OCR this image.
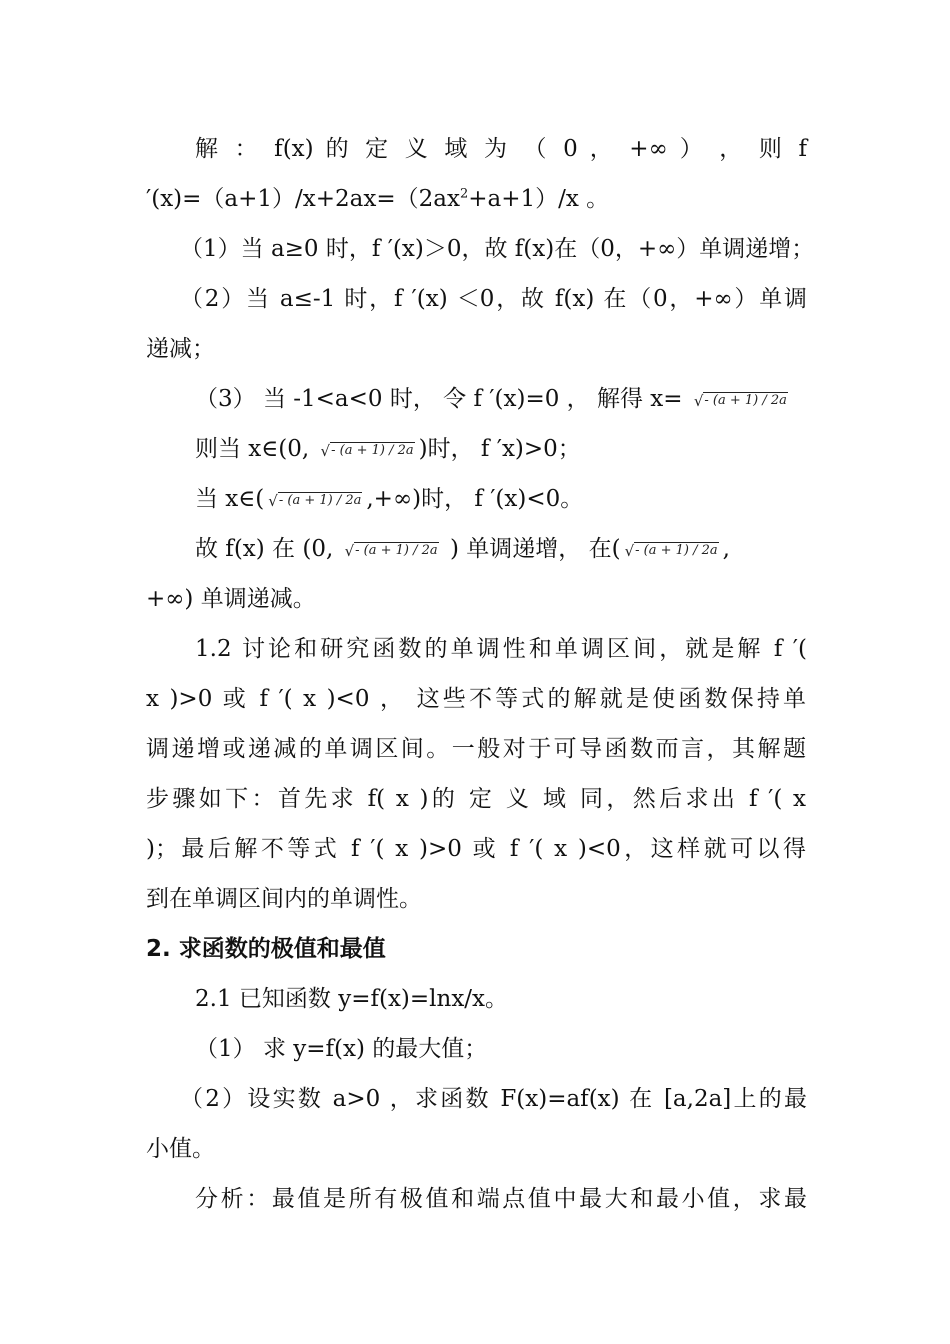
解 ： f(x) 的 定 义 域 为 （ 0 ， +∞ ） ， 则 f
$'(x)=(a+1)/x+2ax=(2ax^2+a+1)/x$ 。
（1）当 a≥0 时，f ′(x)＞0，故 f(x)在（0，+∞）单调递增；
（2）当 a≤-1 时，f ′(x) ＜0，故 f(x) 在（0，+∞）单调
递减；
（3） 当 -1<a<0 时， 令 f ′(x)=0 ， 解得 x= √ - (a + 1) / 2a
则当 x∈(0, √ - (a + 1) / 2a )时， f ′x)>0；
当 x∈( √ - (a + 1) / 2a ,+∞)时， f ′(x)<0。
故 f(x) 在 (0, √ - (a + 1) / 2a ) 单调递增， 在( √ - (a + 1) / 2a ,
+∞) 单调递减。
1.2 讨论和研究函数的单调性和单调区间，就是解 f ′(
x )>0 或 f ′( x )<0 ， 这些不等式的解就是使函数保持单
调递增或递减的单调区间。一般对于可导函数而言，其解题
步骤如下：首先求 f( x )的 定 义 域 同，然后求出 f ′( x
)；最后解不等式 f ′( x )>0 或 f ′( x )<0，这样就可以得
到在单调区间内的单调性。
2. 求函数的极值和最值
2.1 已知函数 y=f(x)=lnx/x。
（1） 求 y=f(x) 的最大值；
（2）设实数 a>0 ，求函数 F(x)=af(x) 在 [a,2a]上的最
小值。
分析：最值是所有极值和端点值中最大和最小值，求最
